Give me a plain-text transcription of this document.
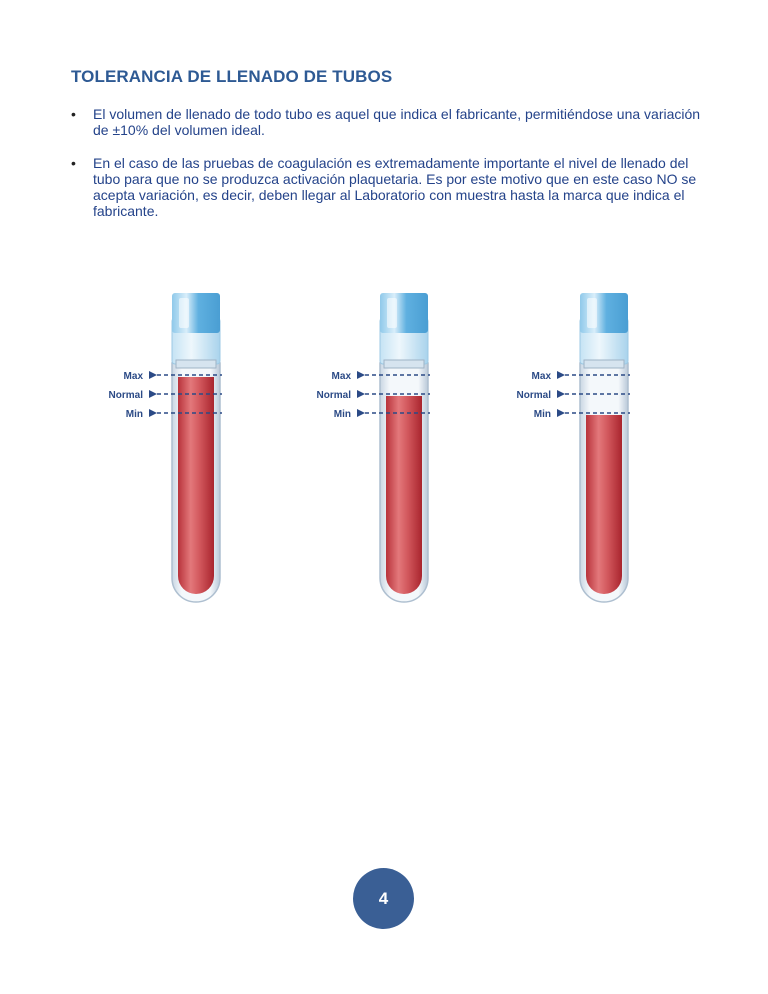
TOLERANCIA DE LLENADO DE TUBOS
• El volumen de llenado de todo tubo es aquel que indica el fabricante, permitiéndose una variación de ±10% del volumen ideal.
• En el caso de las pruebas de coagulación es extremadamente importante el nivel de llenado del tubo para que no se produzca activación plaquetaria. Es por este motivo que en este caso NO se acepta variación, es decir, deben llegar al Laboratorio con muestra hasta la marca que indica el fabricante.
Max
Normal
Min
Max
Normal
Min
Max
Normal
Min
4
